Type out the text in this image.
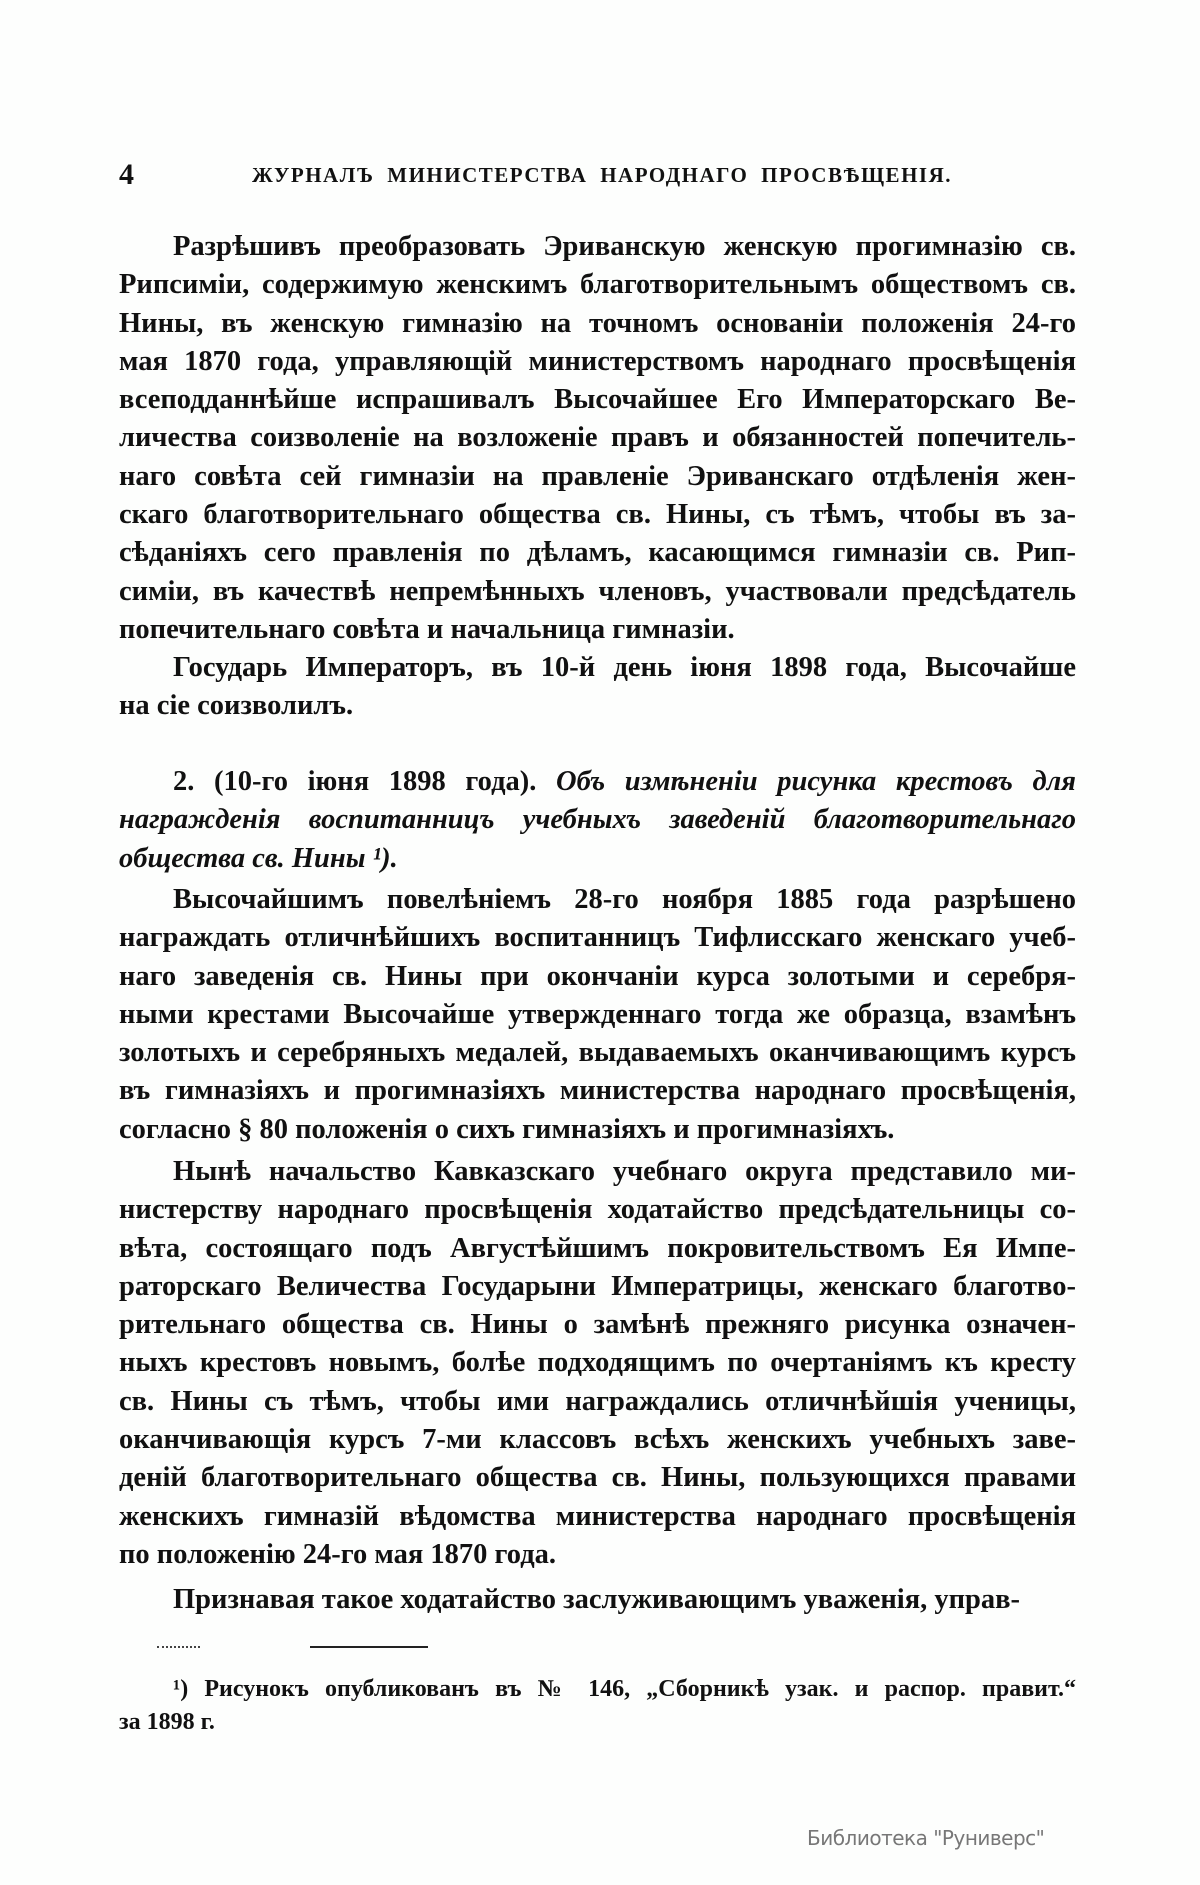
4	ЖУРНАЛЪ МИНИСТЕРСТВА НАРОДНАГО ПРОСВѢЩЕНІЯ.
Разрѣшивъ преобразовать Эриванскую женскую прогимназію св.
Рипсиміи, содержимую женскимъ благотворительнымъ обществомъ св.
Нины, въ женскую гимназію на точномъ основаніи положенія 24-го
мая 1870 года, управляющій министерствомъ народнаго просвѣщенія
всеподданнѣйше испрашивалъ Высочайшее Его Императорскаго Ве-
личества соизволеніе на возложеніе правъ и обязанностей попечитель-
наго совѣта сей гимназіи на правленіе Эриванскаго отдѣленія жен-
скаго благотворительнаго общества св. Нины, съ тѣмъ, чтобы въ за-
сѣданіяхъ сего правленія по дѣламъ, касающимся гимназіи св. Рип-
симіи, въ качествѣ непремѣнныхъ членовъ, участвовали предсѣдатель
попечительнаго совѣта и начальница гимназіи.
Государь Императоръ, въ 10-й день іюня 1898 года, Высочайше
на сіе соизволилъ.
2. (10-го іюня 1898 года). Объ измѣненіи рисунка крестовъ для
награжденія воспитанницъ учебныхъ заведеній благотворительнаго
общества св. Нины ¹).
Высочайшимъ повелѣніемъ 28-го ноября 1885 года разрѣшено
награждать отличнѣйшихъ воспитанницъ Тифлисскаго женскаго учеб-
наго заведенія св. Нины при окончаніи курса золотыми и серебря-
ными крестами Высочайше утвержденнаго тогда же образца, взамѣнъ
золотыхъ и серебряныхъ медалей, выдаваемыхъ оканчивающимъ курсъ
въ гимназіяхъ и прогимназіяхъ министерства народнаго просвѣщенія,
согласно § 80 положенія о сихъ гимназіяхъ и прогимназіяхъ.
Нынѣ начальство Кавказскаго учебнаго округа представило ми-
нистерству народнаго просвѣщенія ходатайство предсѣдательницы со-
вѣта, состоящаго подъ Августѣйшимъ покровительствомъ Ея Импе-
раторскаго Величества Государыни Императрицы, женскаго благотво-
рительнаго общества св. Нины о замѣнѣ прежняго рисунка означен-
ныхъ крестовъ новымъ, болѣе подходящимъ по очертаніямъ къ кресту
св. Нины съ тѣмъ, чтобы ими награждались отличнѣйшія ученицы,
оканчивающія курсъ 7-ми классовъ всѣхъ женскихъ учебныхъ заве-
деній благотворительнаго общества св. Нины, пользующихся правами
женскихъ гимназій вѣдомства министерства народнаго просвѣщенія
по положенію 24-го мая 1870 года.
Признавая такое ходатайство заслуживающимъ уваженія, управ-
¹) Рисунокъ опубликованъ въ № 146, „Сборникѣ узак. и распор. правит.“
за 1898 г.
Библиотека "Руниверс"
